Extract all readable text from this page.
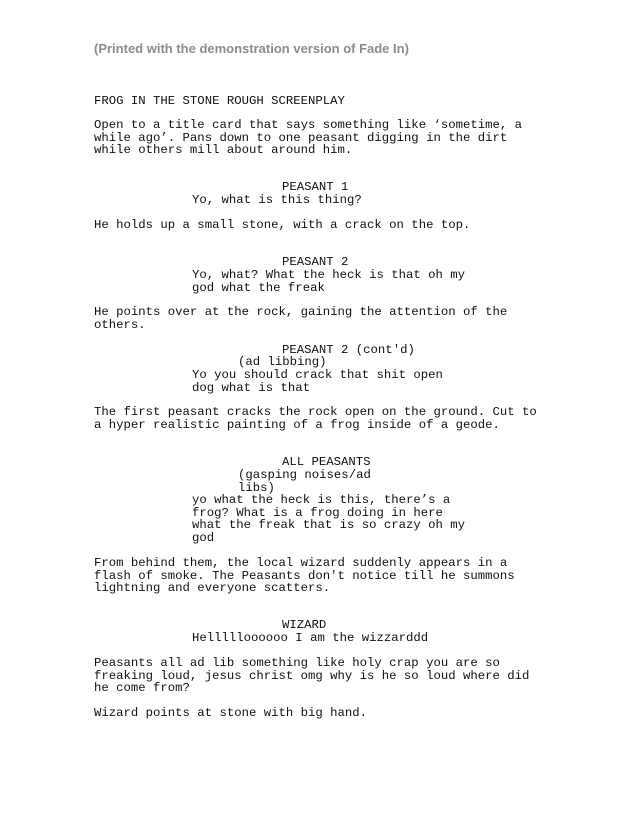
(Printed with the demonstration version of Fade In)
FROG IN THE STONE ROUGH SCREENPLAY
Open to a title card that says something like ‘sometime, a
while ago’. Pans down to one peasant digging in the dirt
while others mill about around him.
PEASANT 1
Yo, what is this thing?
He holds up a small stone, with a crack on the top.
PEASANT 2
Yo, what? What the heck is that oh my
god what the freak
He points over at the rock, gaining the attention of the
others.
PEASANT 2 (cont'd)
(ad libbing)
Yo you should crack that shit open
dog what is that
The first peasant cracks the rock open on the ground. Cut to
a hyper realistic painting of a frog inside of a geode.
ALL PEASANTS
(gasping noises/ad
libs)
yo what the heck is this, there’s a
frog? What is a frog doing in here
what the freak that is so crazy oh my
god
From behind them, the local wizard suddenly appears in a
flash of smoke. The Peasants don't notice till he summons
lightning and everyone scatters.
WIZARD
Hellllloooooo I am the wizzarddd
Peasants all ad lib something like holy crap you are so
freaking loud, jesus christ omg why is he so loud where did
he come from?
Wizard points at stone with big hand.
